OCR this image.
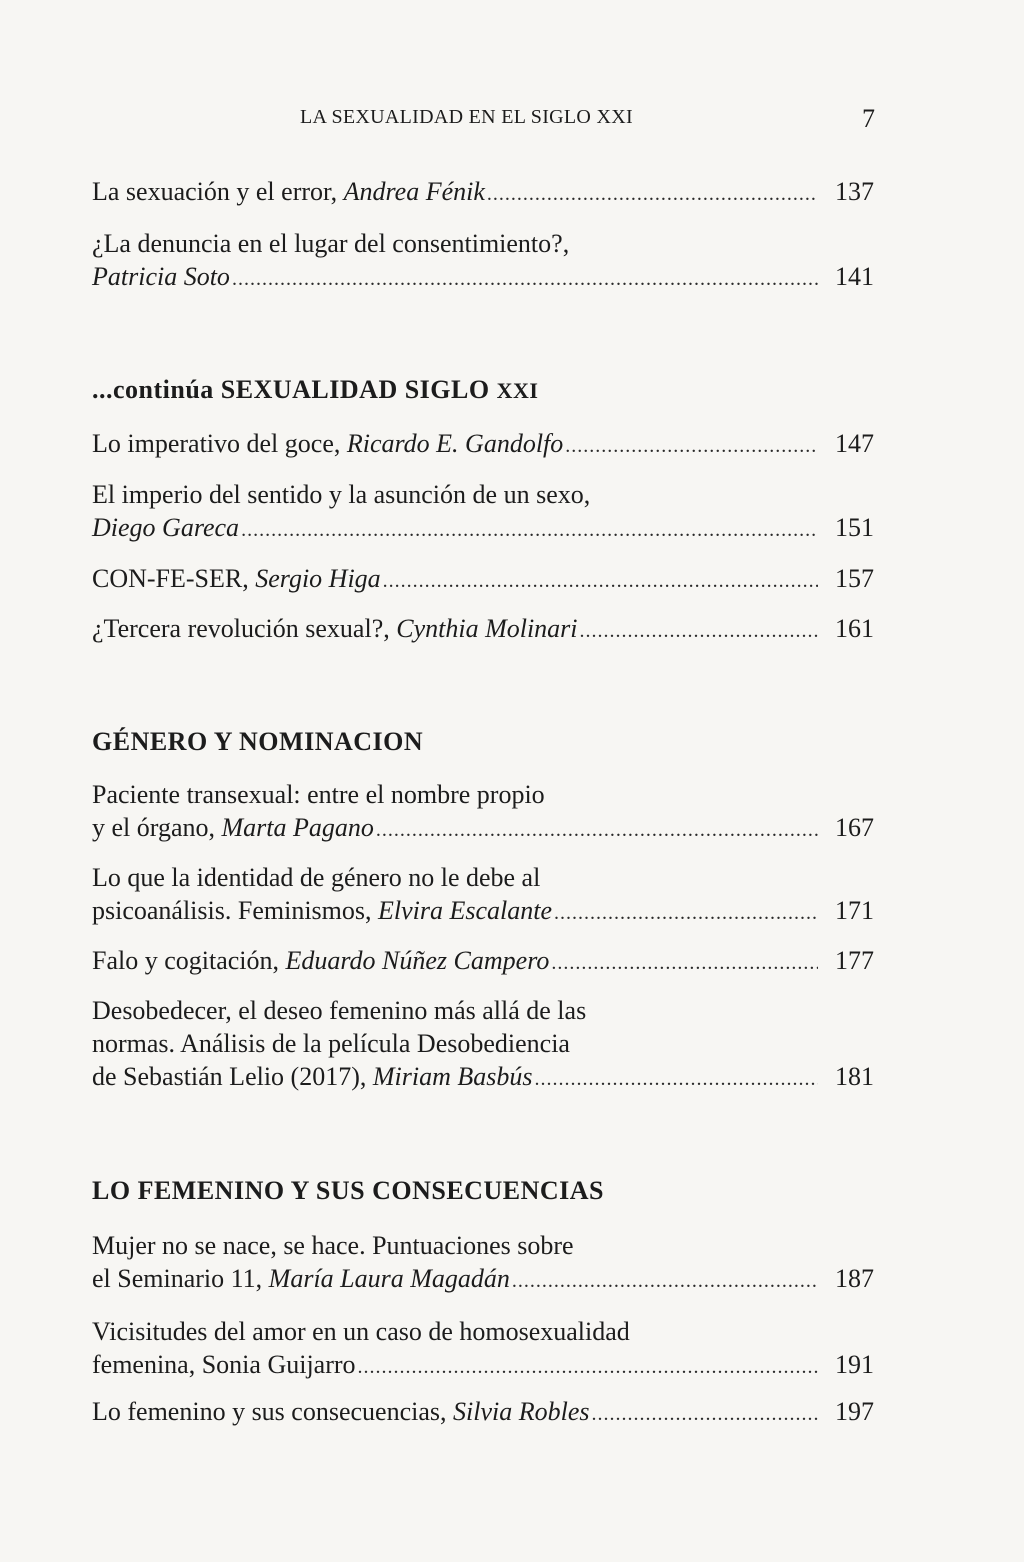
LA SEXUALIDAD EN EL SIGLO XXI	7
La sexuación y el error, Andrea Fénik .....	137
¿La denuncia en el lugar del consentimiento?,
Patricia Soto .....	141
...continúa SEXUALIDAD SIGLO XXI
Lo imperativo del goce, Ricardo E. Gandolfo .....	147
El imperio del sentido y la asunción de un sexo,
Diego Gareca .....	151
CON-FE-SER, Sergio Higa .....	157
¿Tercera revolución sexual?, Cynthia Molinari .....	161
GÉNERO Y NOMINACION
Paciente transexual: entre el nombre propio
y el órgano, Marta Pagano .....	167
Lo que la identidad de género no le debe al
psicoanálisis. Feminismos, Elvira Escalante .....	171
Falo y cogitación, Eduardo Núñez Campero .....	177
Desobedecer, el deseo femenino más allá de las
normas. Análisis de la película Desobediencia
de Sebastián Lelio (2017), Miriam Basbús .....	181
LO FEMENINO Y SUS CONSECUENCIAS
Mujer no se nace, se hace. Puntuaciones sobre
el Seminario 11, María Laura Magadán .....	187
Vicisitudes del amor en un caso de homosexualidad
femenina, Sonia Guijarro .....	191
Lo femenino y sus consecuencias, Silvia Robles .....	197
